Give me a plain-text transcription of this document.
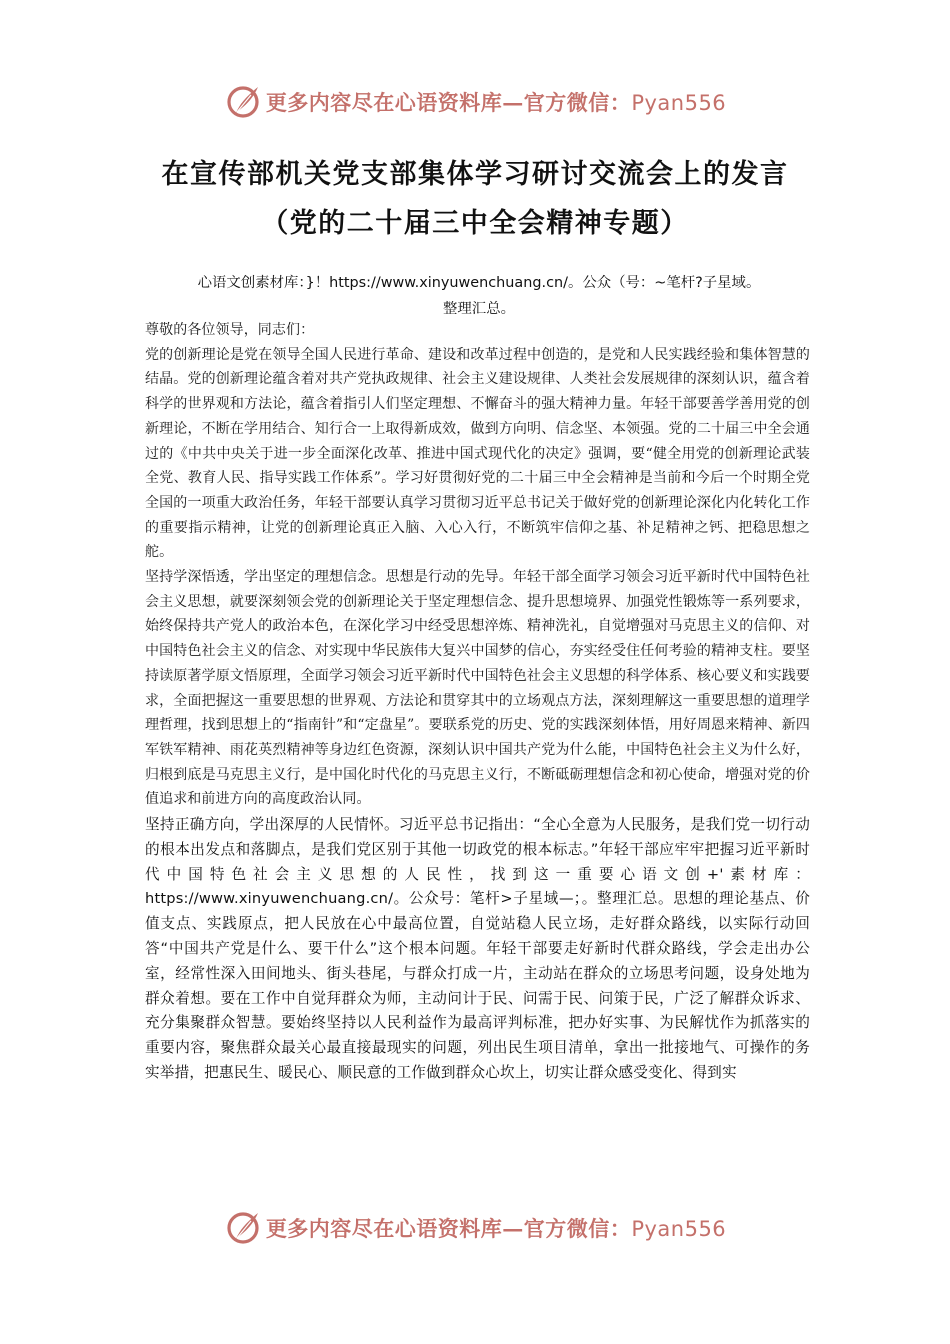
更多内容尽在心语资料库—官方微信：Pyan556
在宣传部机关党支部集体学习研讨交流会上的发言
（党的二十届三中全会精神专题）
心语文创素材库：}！https://www.xinyuwenchuang.cn/。公众（号：~笔杆?子星域。
整理汇总。

尊敬的各位领导，同志们：

党的创新理论是党在领导全国人民进行革命、建设和改革过程中创造的，是党和人民实践经验和集体智慧的结晶。党的创新理论蕴含着对共产党执政规律、社会主义建设规律、人类社会发展规律的深刻认识，蕴含着科学的世界观和方法论，蕴含着指引人们坚定理想、不懈奋斗的强大精神力量。年轻干部要善学善用党的创新理论，不断在学用结合、知行合一上取得新成效，做到方向明、信念坚、本领强。党的二十届三中全会通过的《中共中央关于进一步全面深化改革、推进中国式现代化的决定》强调，要“健全用党的创新理论武装全党、教育人民、指导实践工作体系”。学习好贯彻好党的二十届三中全会精神是当前和今后一个时期全党全国的一项重大政治任务，年轻干部要认真学习贯彻习近平总书记关于做好党的创新理论深化内化转化工作的重要指示精神，让党的创新理论真正入脑、入心入行，不断筑牢信仰之基、补足精神之钙、把稳思想之舵。

坚持学深悟透，学出坚定的理想信念。思想是行动的先导。年轻干部全面学习领会习近平新时代中国特色社会主义思想，就要深刻领会党的创新理论关于坚定理想信念、提升思想境界、加强党性锻炼等一系列要求，始终保持共产党人的政治本色，在深化学习中经受思想淬炼、精神洗礼，自觉增强对马克思主义的信仰、对中国特色社会主义的信念、对实现中华民族伟大复兴中国梦的信心，夯实经受住任何考验的精神支柱。要坚持读原著学原文悟原理，全面学习领会习近平新时代中国特色社会主义思想的科学体系、核心要义和实践要求，全面把握这一重要思想的世界观、方法论和贯穿其中的立场观点方法，深刻理解这一重要思想的道理学理哲理，找到思想上的“指南针”和“定盘星”。要联系党的历史、党的实践深刻体悟，用好周恩来精神、新四军铁军精神、雨花英烈精神等身边红色资源，深刻认识中国共产党为什么能，中国特色社会主义为什么好，归根到底是马克思主义行，是中国化时代化的马克思主义行，不断砥砺理想信念和初心使命，增强对党的价值追求和前进方向的高度政治认同。

坚持正确方向，学出深厚的人民情怀。习近平总书记指出：“全心全意为人民服务，是我们党一切行动的根本出发点和落脚点，是我们党区别于其他一切政党的根本标志。”年轻干部应牢牢把握习近平新时代中国特色社会主义思想的人民性，找到这一重要心语文创+'素材库：https://www.xinyuwenchuang.cn/。公众号：笔杆>子星域—；。整理汇总。思想的理论基点、价值支点、实践原点，把人民放在心中最高位置，自觉站稳人民立场，走好群众路线，以实际行动回答“中国共产党是什么、要干什么”这个根本问题。年轻干部要走好新时代群众路线，学会走出办公室，经常性深入田间地头、街头巷尾，与群众打成一片，主动站在群众的立场思考问题，设身处地为群众着想。要在工作中自觉拜群众为师，主动问计于民、问需于民、问策于民，广泛了解群众诉求、充分集聚群众智慧。要始终坚持以人民利益作为最高评判标准，把办好实事、为民解忧作为抓落实的重要内容，聚焦群众最关心最直接最现实的问题，列出民生项目清单，拿出一批接地气、可操作的务实举措，把惠民生、暖民心、顺民意的工作做到群众心坎上，切实让群众感受变化、得到实

更多内容尽在心语资料库—官方微信：Pyan556
